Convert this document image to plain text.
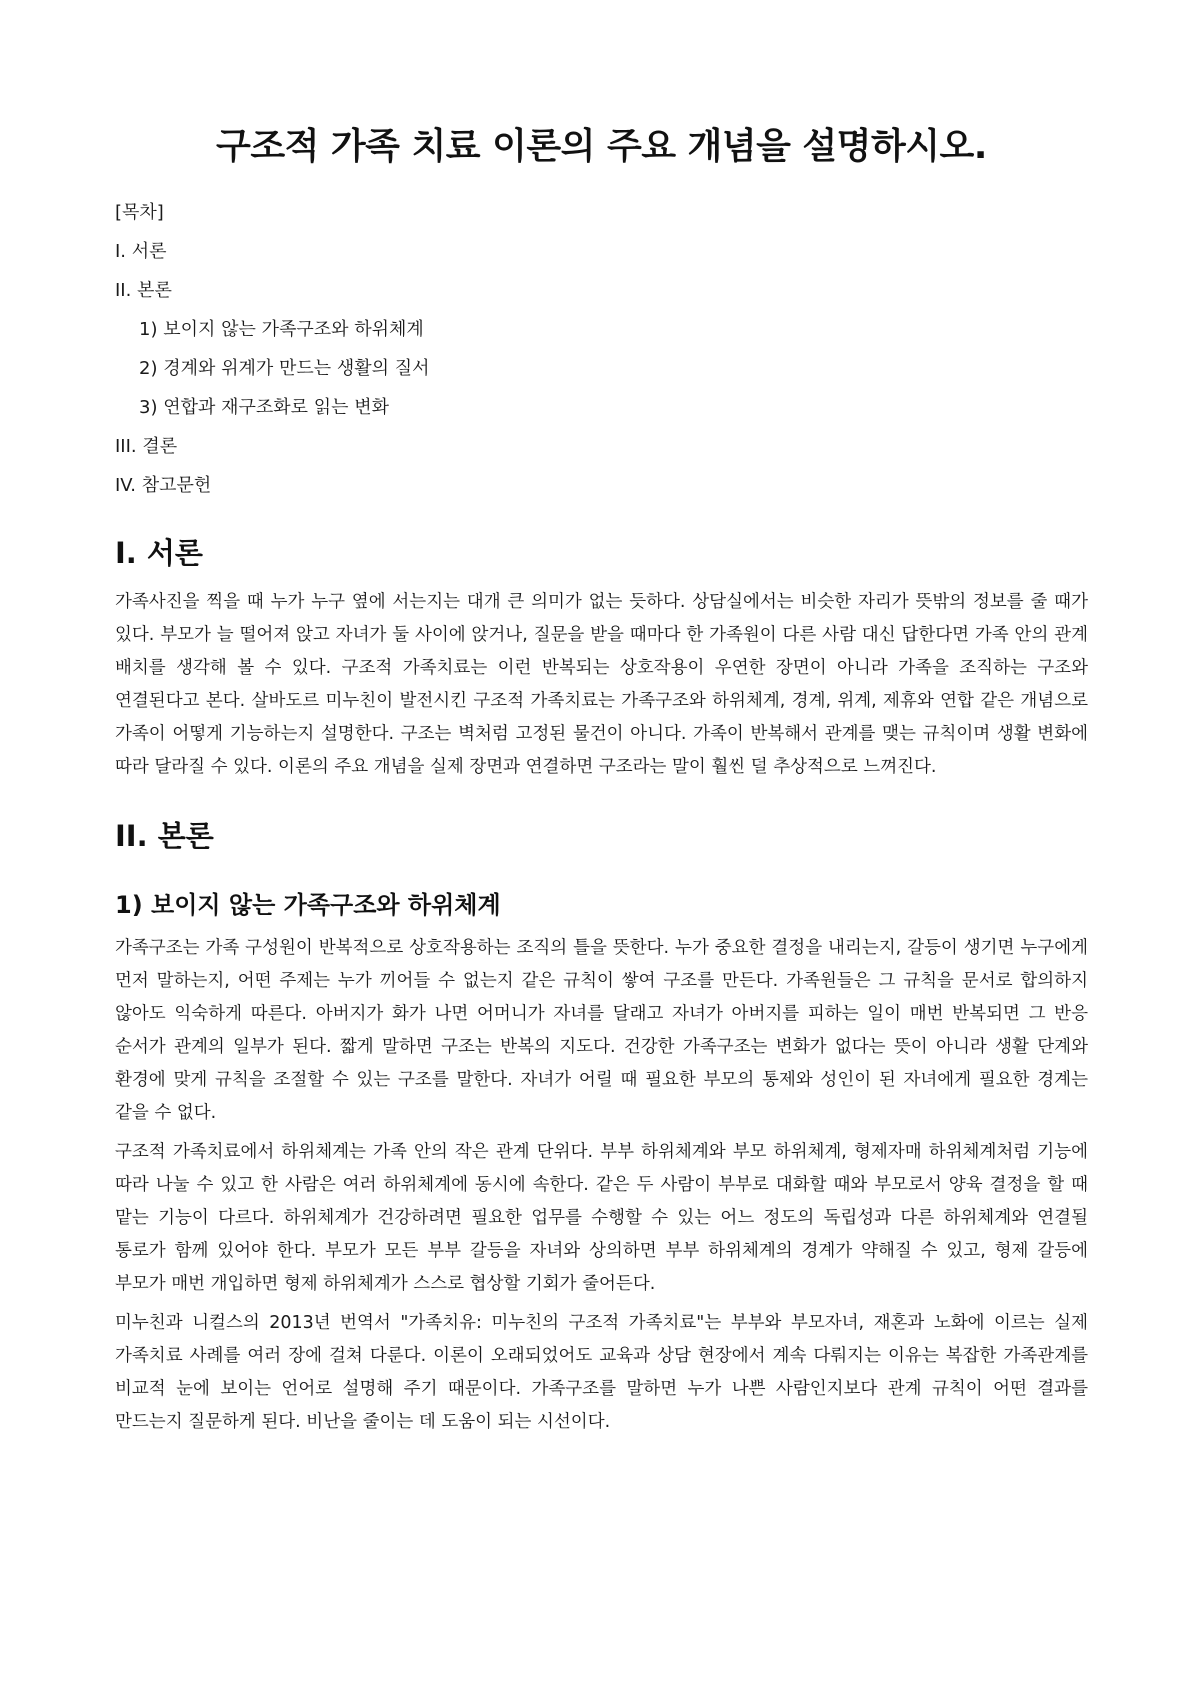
구조적 가족 치료 이론의 주요 개념을 설명하시오.
[목차]
I. 서론
II. 본론
1) 보이지 않는 가족구조와 하위체계
2) 경계와 위계가 만드는 생활의 질서
3) 연합과 재구조화로 읽는 변화
III. 결론
IV. 참고문헌
I. 서론

가족사진을 찍을 때 누가 누구 옆에 서는지는 대개 큰 의미가 없는 듯하다. 상담실에서는 비슷한 자리가 뜻밖의 정보를 줄 때가 있다. 부모가 늘 떨어져 앉고 자녀가 둘 사이에 앉거나, 질문을 받을 때마다 한 가족원이 다른 사람 대신 답한다면 가족 안의 관계 배치를 생각해 볼 수 있다. 구조적 가족치료는 이런 반복되는 상호작용이 우연한 장면이 아니라 가족을 조직하는 구조와 연결된다고 본다. 살바도르 미누친이 발전시킨 구조적 가족치료는 가족구조와 하위체계, 경계, 위계, 제휴와 연합 같은 개념으로 가족이 어떻게 기능하는지 설명한다. 구조는 벽처럼 고정된 물건이 아니다. 가족이 반복해서 관계를 맺는 규칙이며 생활 변화에 따라 달라질 수 있다. 이론의 주요 개념을 실제 장면과 연결하면 구조라는 말이 훨씬 덜 추상적으로 느껴진다.

II. 본론
1) 보이지 않는 가족구조와 하위체계

가족구조는 가족 구성원이 반복적으로 상호작용하는 조직의 틀을 뜻한다. 누가 중요한 결정을 내리는지, 갈등이 생기면 누구에게 먼저 말하는지, 어떤 주제는 누가 끼어들 수 없는지 같은 규칙이 쌓여 구조를 만든다. 가족원들은 그 규칙을 문서로 합의하지 않아도 익숙하게 따른다. 아버지가 화가 나면 어머니가 자녀를 달래고 자녀가 아버지를 피하는 일이 매번 반복되면 그 반응 순서가 관계의 일부가 된다. 짧게 말하면 구조는 반복의 지도다. 건강한 가족구조는 변화가 없다는 뜻이 아니라 생활 단계와 환경에 맞게 규칙을 조절할 수 있는 구조를 말한다. 자녀가 어릴 때 필요한 부모의 통제와 성인이 된 자녀에게 필요한 경계는 같을 수 없다.

구조적 가족치료에서 하위체계는 가족 안의 작은 관계 단위다. 부부 하위체계와 부모 하위체계, 형제자매 하위체계처럼 기능에 따라 나눌 수 있고 한 사람은 여러 하위체계에 동시에 속한다. 같은 두 사람이 부부로 대화할 때와 부모로서 양육 결정을 할 때 맡는 기능이 다르다. 하위체계가 건강하려면 필요한 업무를 수행할 수 있는 어느 정도의 독립성과 다른 하위체계와 연결될 통로가 함께 있어야 한다. 부모가 모든 부부 갈등을 자녀와 상의하면 부부 하위체계의 경계가 약해질 수 있고, 형제 갈등에 부모가 매번 개입하면 형제 하위체계가 스스로 협상할 기회가 줄어든다.

미누친과 니컬스의 2013년 번역서 "가족치유: 미누친의 구조적 가족치료"는 부부와 부모자녀, 재혼과 노화에 이르는 실제 가족치료 사례를 여러 장에 걸쳐 다룬다. 이론이 오래되었어도 교육과 상담 현장에서 계속 다뤄지는 이유는 복잡한 가족관계를 비교적 눈에 보이는 언어로 설명해 주기 때문이다. 가족구조를 말하면 누가 나쁜 사람인지보다 관계 규칙이 어떤 결과를 만드는지 질문하게 된다. 비난을 줄이는 데 도움이 되는 시선이다.
